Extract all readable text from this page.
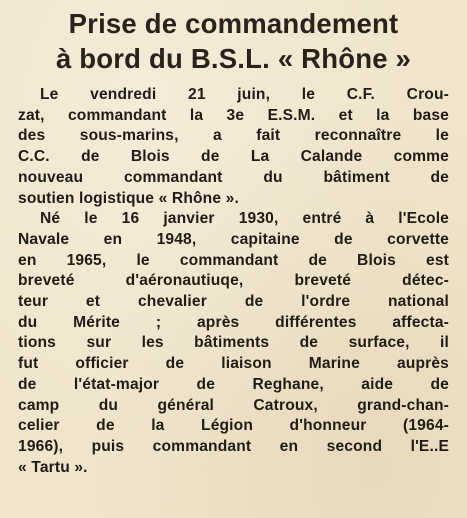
Prise de commandement
à bord du B.S.L. « Rhône »

Le vendredi 21 juin, le C.F. Crou-
zat, commandant la 3e E.S.M. et la base
des sous-marins, a fait reconnaître le
C.C. de Blois de La Calande comme
nouveau commandant du bâtiment de
soutien logistique « Rhône ».

Né le 16 janvier 1930, entré à l'Ecole
Navale en 1948, capitaine de corvette
en 1965, le commandant de Blois est
breveté d'aéronautiuqe, breveté détec-
teur et chevalier de l'ordre national
du Mérite ; après différentes affecta-
tions sur les bâtiments de surface, il
fut officier de liaison Marine auprès
de l'état-major de Reghane, aide de
camp du général Catroux, grand-chan-
celier de la Légion d'honneur (1964-
1966), puis commandant en second l'E..E
« Tartu ».
